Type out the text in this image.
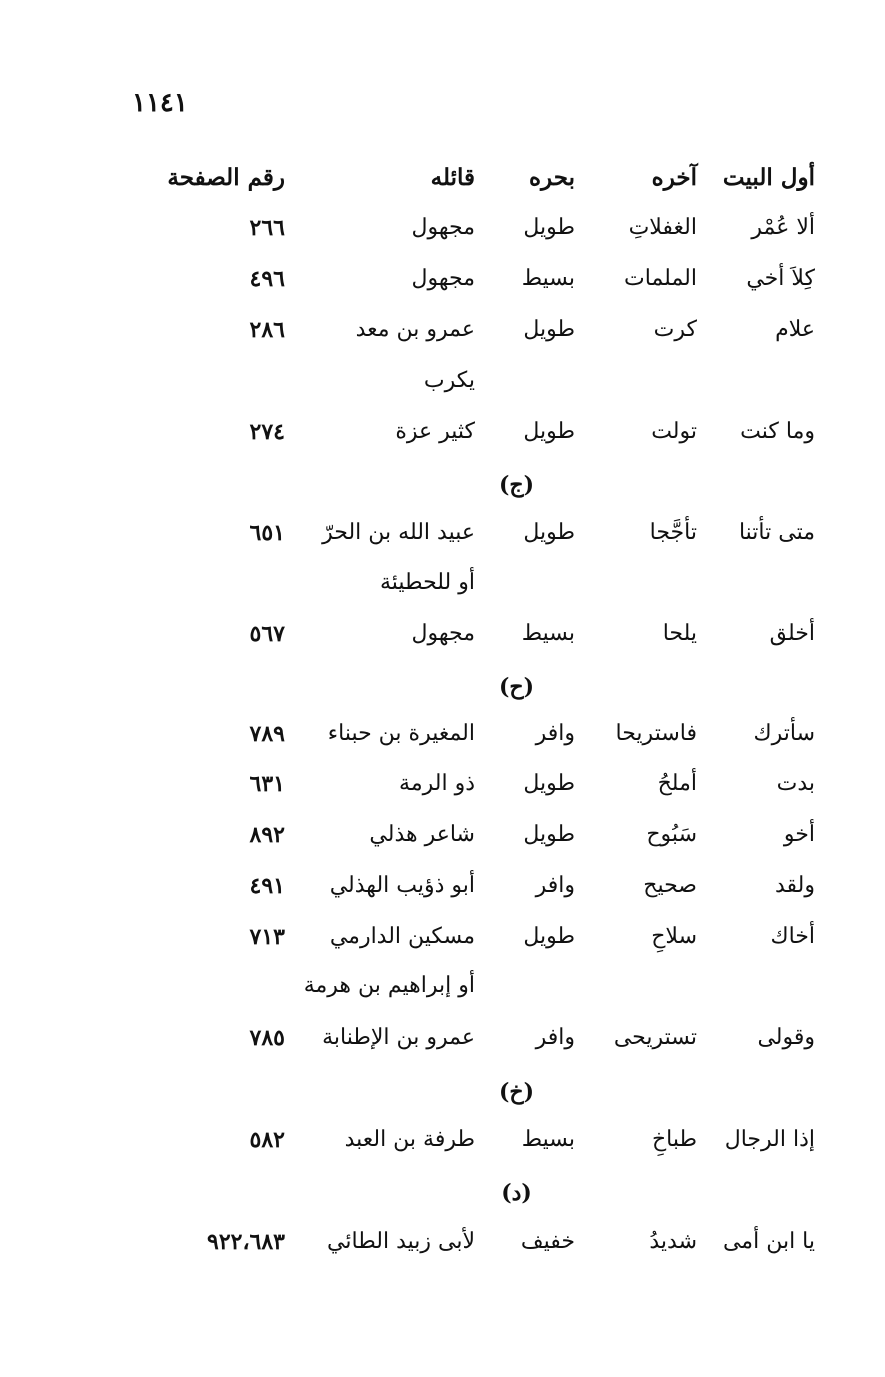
١١٤١
أول البيت
آخره
بحره
قائله
رقم الصفحة
ألا عُمْر
الغفلاتِ
طويل
مجهول
٢٦٦
كِلاَ أخي
الملمات
بسيط
مجهول
٤٩٦
علام
كرت
طويل
عمرو بن معد
٢٨٦
يكرب
وما كنت
تولت
طويل
كثير عزة
٢٧٤
(ج)
متى تأتنا
تأجَّجا
طويل
عبيد الله بن الحرّ
٦٥١
أو للحطيئة
أخلق
يلحا
بسيط
مجهول
٥٦٧
(ح)
سأترك
فاستريحا
وافر
المغيرة بن حبناء
٧٨٩
بدت
أملحُ
طويل
ذو الرمة
٦٣١
أخو
سَبُوح
طويل
شاعر هذلي
٨٩٢
ولقد
صحيح
وافر
أبو ذؤيب الهذلي
٤٩١
أخاك
سلاحِ
طويل
مسكين الدارمي
٧١٣
أو إبراهيم بن هرمة
وقولى
تستريحى
وافر
عمرو بن الإطنابة
٧٨٥
(خ)
إذا الرجال
طباخِ
بسيط
طرفة بن العبد
٥٨٢
(د)
يا ابن أمى
شديدُ
خفيف
لأبى زبيد الطائي
٩٢٢،٦٨٣
